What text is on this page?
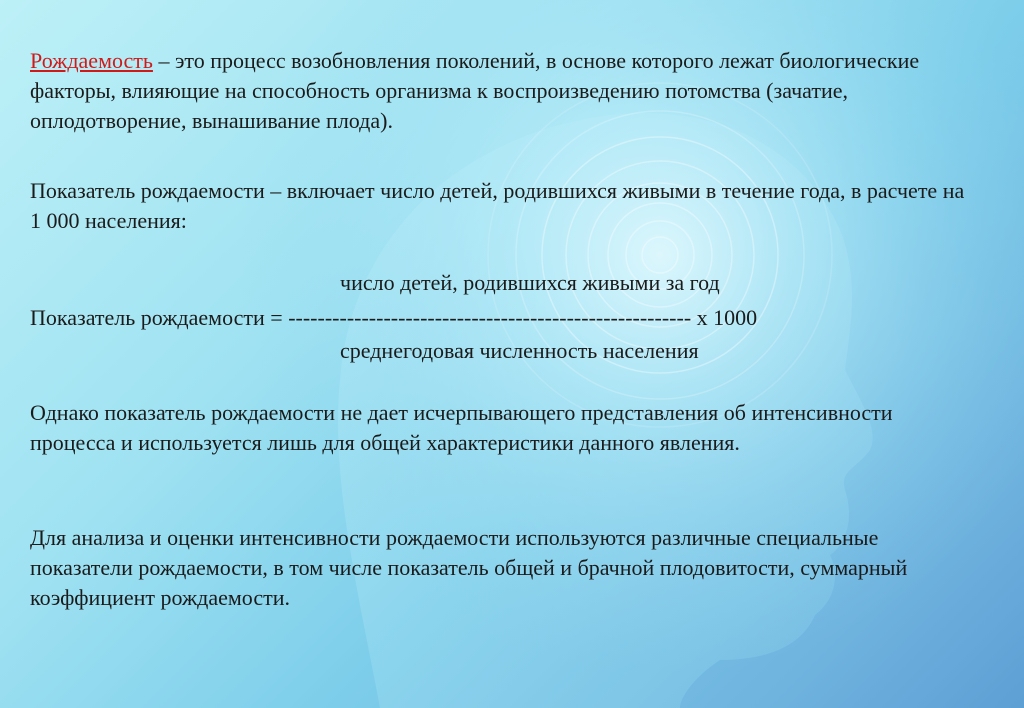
Рождаемость – это процесс возобновления поколений, в основе которого лежат биологические факторы, влияющие на способность организма к воспроизведению потомства (зачатие, оплодотворение, вынашивание плода).

Показатель рождаемости – включает число детей, родившихся живыми в течение года, в расчете на 1 000 населения:

число детей, родившихся живыми за год

Показатель рождаемости = ------------------------------------------------------- х 1000

среднегодовая численность населения

Однако показатель рождаемости не дает исчерпывающего представления об интенсивности процесса и используется лишь для общей характеристики данного явления.

Для анализа и оценки интенсивности рождаемости используются различные специальные показатели рождаемости, в том числе показатель общей и брачной плодовитости, суммарный коэффициент рождаемости.
